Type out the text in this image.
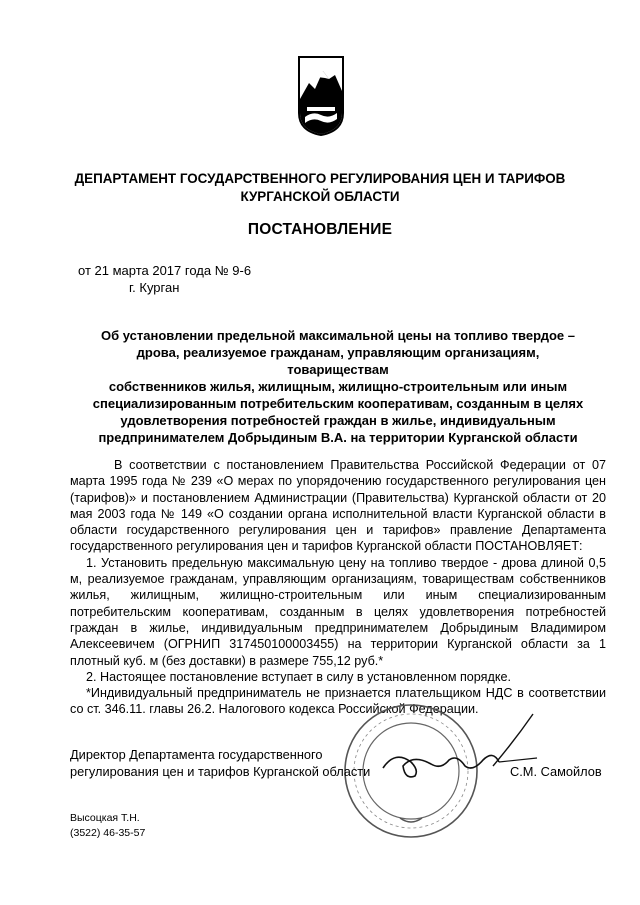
ДЕПАРТАМЕНТ ГОСУДАРСТВЕННОГО РЕГУЛИРОВАНИЯ ЦЕН И ТАРИФОВ
КУРГАНСКОЙ ОБЛАСТИ
ПОСТАНОВЛЕНИЕ
от 21 марта 2017 года № 9-6
г. Курган
Об установлении предельной максимальной цены на топливо твердое –
дрова, реализуемое гражданам, управляющим организациям, товариществам
собственников жилья, жилищным, жилищно-строительным или иным
специализированным потребительским кооперативам, созданным в целях
удовлетворения потребностей граждан в жилье, индивидуальным
предпринимателем Добрыдиным В.А. на территории Курганской области

В соответствии с постановлением Правительства Российской Федерации от 07 марта 1995 года № 239 «О мерах по упорядочению государственного регулирования цен (тарифов)» и постановлением Администрации (Правительства) Курганской области от 20 мая 2003 года № 149 «О создании органа исполнительной власти Курганской области в области государственного регулирования цен и тарифов» правление Департамента государственного регулирования цен и тарифов Курганской области ПОСТАНОВЛЯЕТ:

1. Установить предельную максимальную цену на топливо твердое - дрова длиной 0,5 м, реализуемое гражданам, управляющим организациям, товариществам собственников жилья, жилищным, жилищно-строительным или иным специализированным потребительским кооперативам, созданным в целях удовлетворения потребностей граждан в жилье, индивидуальным предпринимателем Добрыдиным Владимиром Алексеевичем (ОГРНИП 317450100003455) на территории Курганской области за 1 плотный куб. м (без доставки) в размере 755,12 руб.*

2. Настоящее постановление вступает в силу в установленном порядке.

*Индивидуальный предприниматель не признается плательщиком НДС в соответствии со ст. 346.11. главы 26.2. Налогового кодекса Российской Федерации.

Директор Департамента государственного
регулирования цен и тарифов Курганской области	С.М. Самойлов
Высоцкая Т.Н.
(3522) 46-35-57
